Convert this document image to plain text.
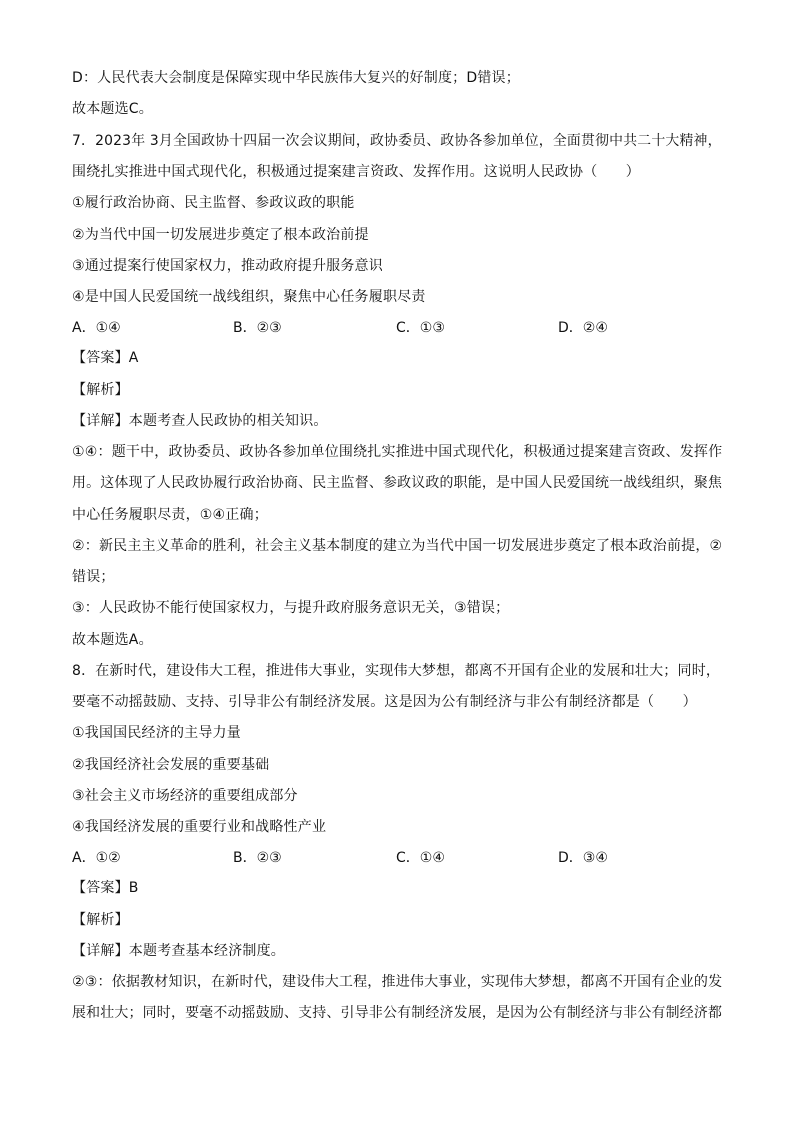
D：人民代表大会制度是保障实现中华民族伟大复兴的好制度；D错误；
故本题选C。
7．2023年 3月全国政协十四届一次会议期间，政协委员、政协各参加单位，全面贯彻中共二十大精神，
围绕扎实推进中国式现代化，积极通过提案建言资政、发挥作用。这说明人民政协（　　）
①履行政治协商、民主监督、参政议政的职能
②为当代中国一切发展进步奠定了根本政治前提
③通过提案行使国家权力，推动政府提升服务意识
④是中国人民爱国统一战线组织，聚焦中心任务履职尽责
A．①④	B．②③	C．①③	D．②④
【答案】A
【解析】
【详解】本题考查人民政协的相关知识。
①④：题干中，政协委员、政协各参加单位围绕扎实推进中国式现代化，积极通过提案建言资政、发挥作
用。这体现了人民政协履行政治协商、民主监督、参政议政的职能，是中国人民爱国统一战线组织，聚焦
中心任务履职尽责，①④正确；
②：新民主主义革命的胜利，社会主义基本制度的建立为当代中国一切发展进步奠定了根本政治前提，②
错误；
③：人民政协不能行使国家权力，与提升政府服务意识无关，③错误；
故本题选A。
8．在新时代，建设伟大工程，推进伟大事业，实现伟大梦想，都离不开国有企业的发展和壮大；同时，
要毫不动摇鼓励、支持、引导非公有制经济发展。这是因为公有制经济与非公有制经济都是（　　）
①我国国民经济的主导力量
②我国经济社会发展的重要基础
③社会主义市场经济的重要组成部分
④我国经济发展的重要行业和战略性产业
A．①②	B．②③	C．①④	D．③④
【答案】B
【解析】
【详解】本题考查基本经济制度。
②③：依据教材知识，在新时代，建设伟大工程，推进伟大事业，实现伟大梦想，都离不开国有企业的发
展和壮大；同时，要毫不动摇鼓励、支持、引导非公有制经济发展，是因为公有制经济与非公有制经济都
